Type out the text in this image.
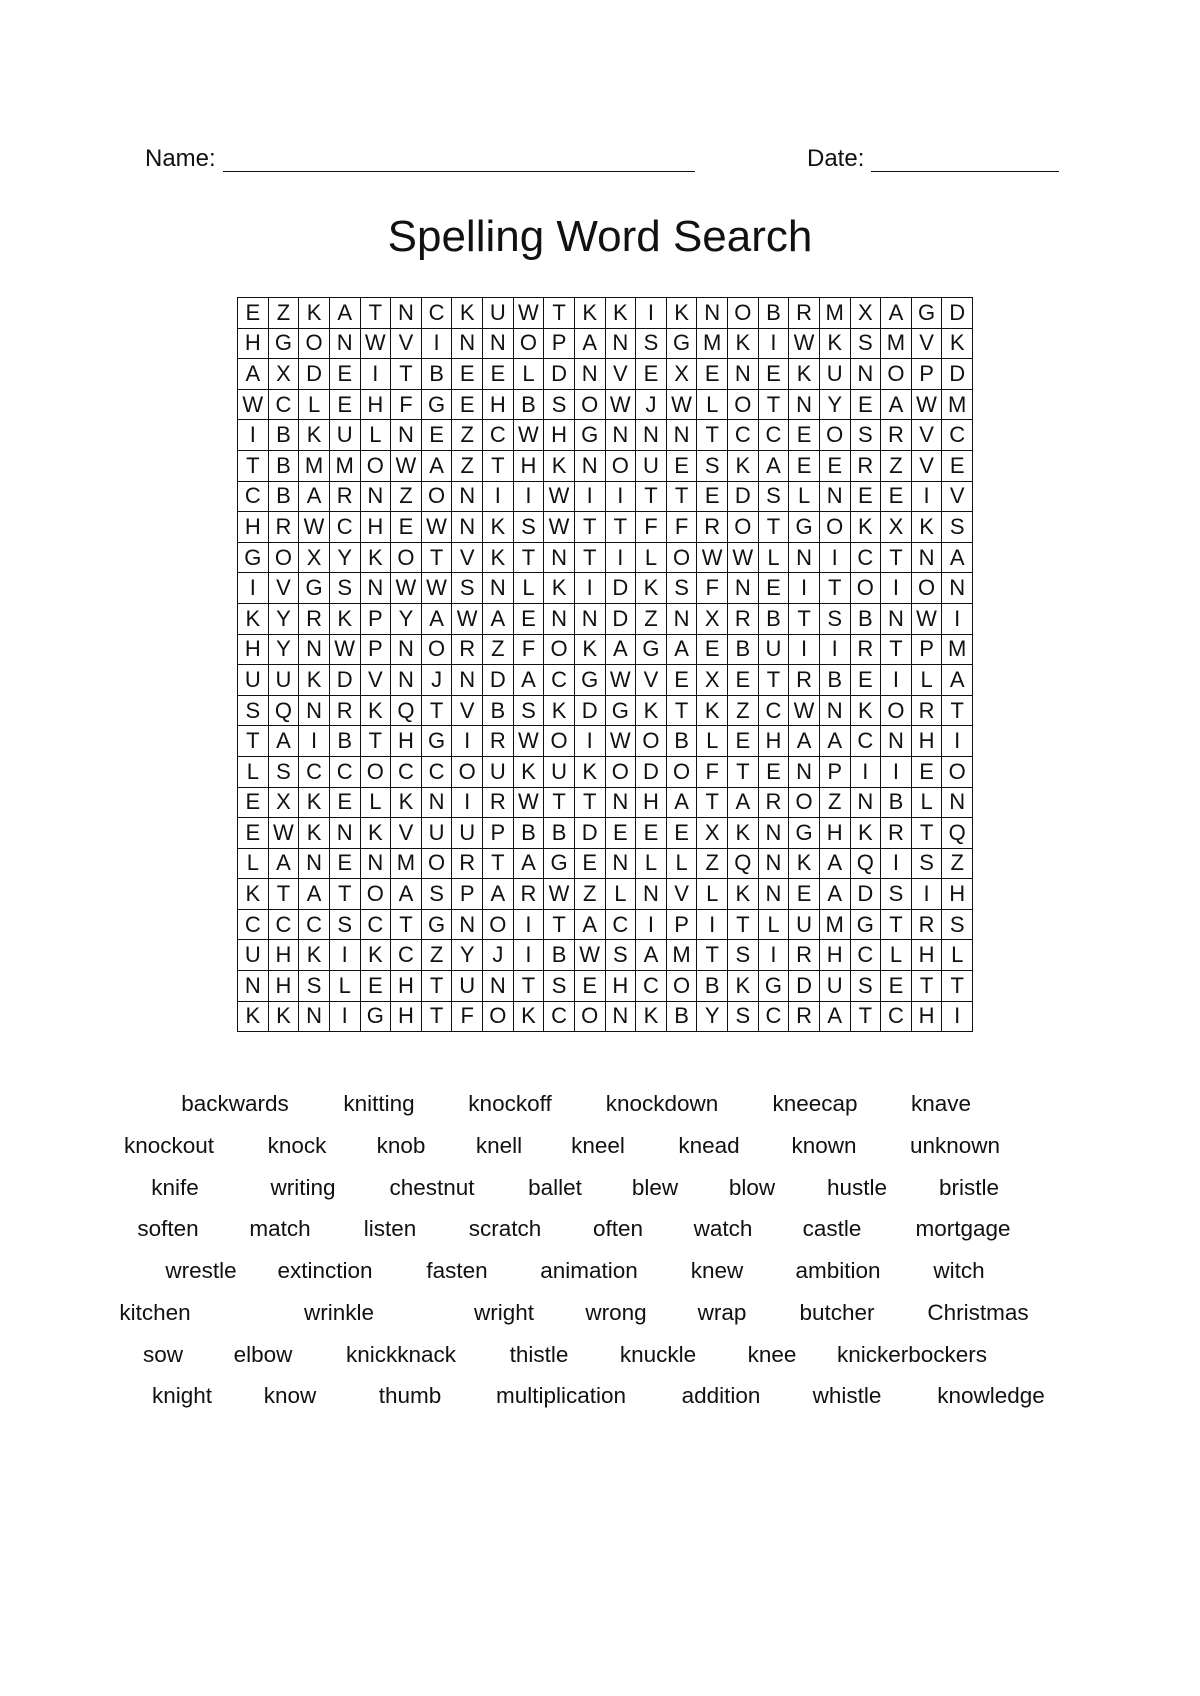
Name:	Date:
Spelling Word Search
E Z K A T N C K U W T K K I K N O B R M X A G D
H G O N W V I N N O P A N S G M K I W K S M V K
A X D E I T B E E L D N V E X E N E K U N O P D
W C L E H F G E H B S O W J W L O T N Y E A W M
I B K U L N E Z C W H G N N N T C C E O S R V C
T B M M O W A Z T H K N O U E S K A E E R Z V E
C B A R N Z O N I	I W I	I T T E D S L N E E I V
H R W C H E W N K S W T T F F R O T G O K X K S
G O X Y K O T V K T N T I L O W W L N I C T N A
I V G S N W W S N L K I D K S F N E I T O I O N
K Y R K P Y A W A E N N D Z N X R B T S B N W I
H Y N W P N O R Z F O K A G A E B U I	I R T P M
U U K D V N J N D A C G W V E X E T R B E I L A
S Q N R K Q T V B S K D G K T K Z C W N K O R T
T A I B T H G I R W O I W O B L E H A A C N H I
L S C C O C C O U K U K O D O F T E N P I	I E O
E X K E L K N I R W T T N H A T A R O Z N B L N
E W K N K V U U P B B D E E E X K N G H K R T Q
L A N E N M O R T A G E N L L Z Q N K A Q I S Z
K T A T O A S P A R W Z L N V L K N E A D S I H
C C C S C T G N O I T A C I P I T L U M G T R S
U H K I K C Z Y J	I B W S A M T S I R H C L H L
N H S L E H T U N T S E H C O B K G D U S E T T
K K N I G H T F O K C O N K B Y S C R A T C H I
backwards knitting knockoff knockdown kneecap knave
knockout knock knob knell kneel knead known unknown
knife	writing chestnut ballet blew blow hustle bristle
soften match listen scratch often watch castle mortgage
wrestle extinction fasten animation knew ambition witch
kitchen	wrinkle	wright wrong wrap butcher Christmas
sow elbow knickknack thistle knuckle knee knickerbockers
knight know	thumb multiplication addition whistle knowledge
